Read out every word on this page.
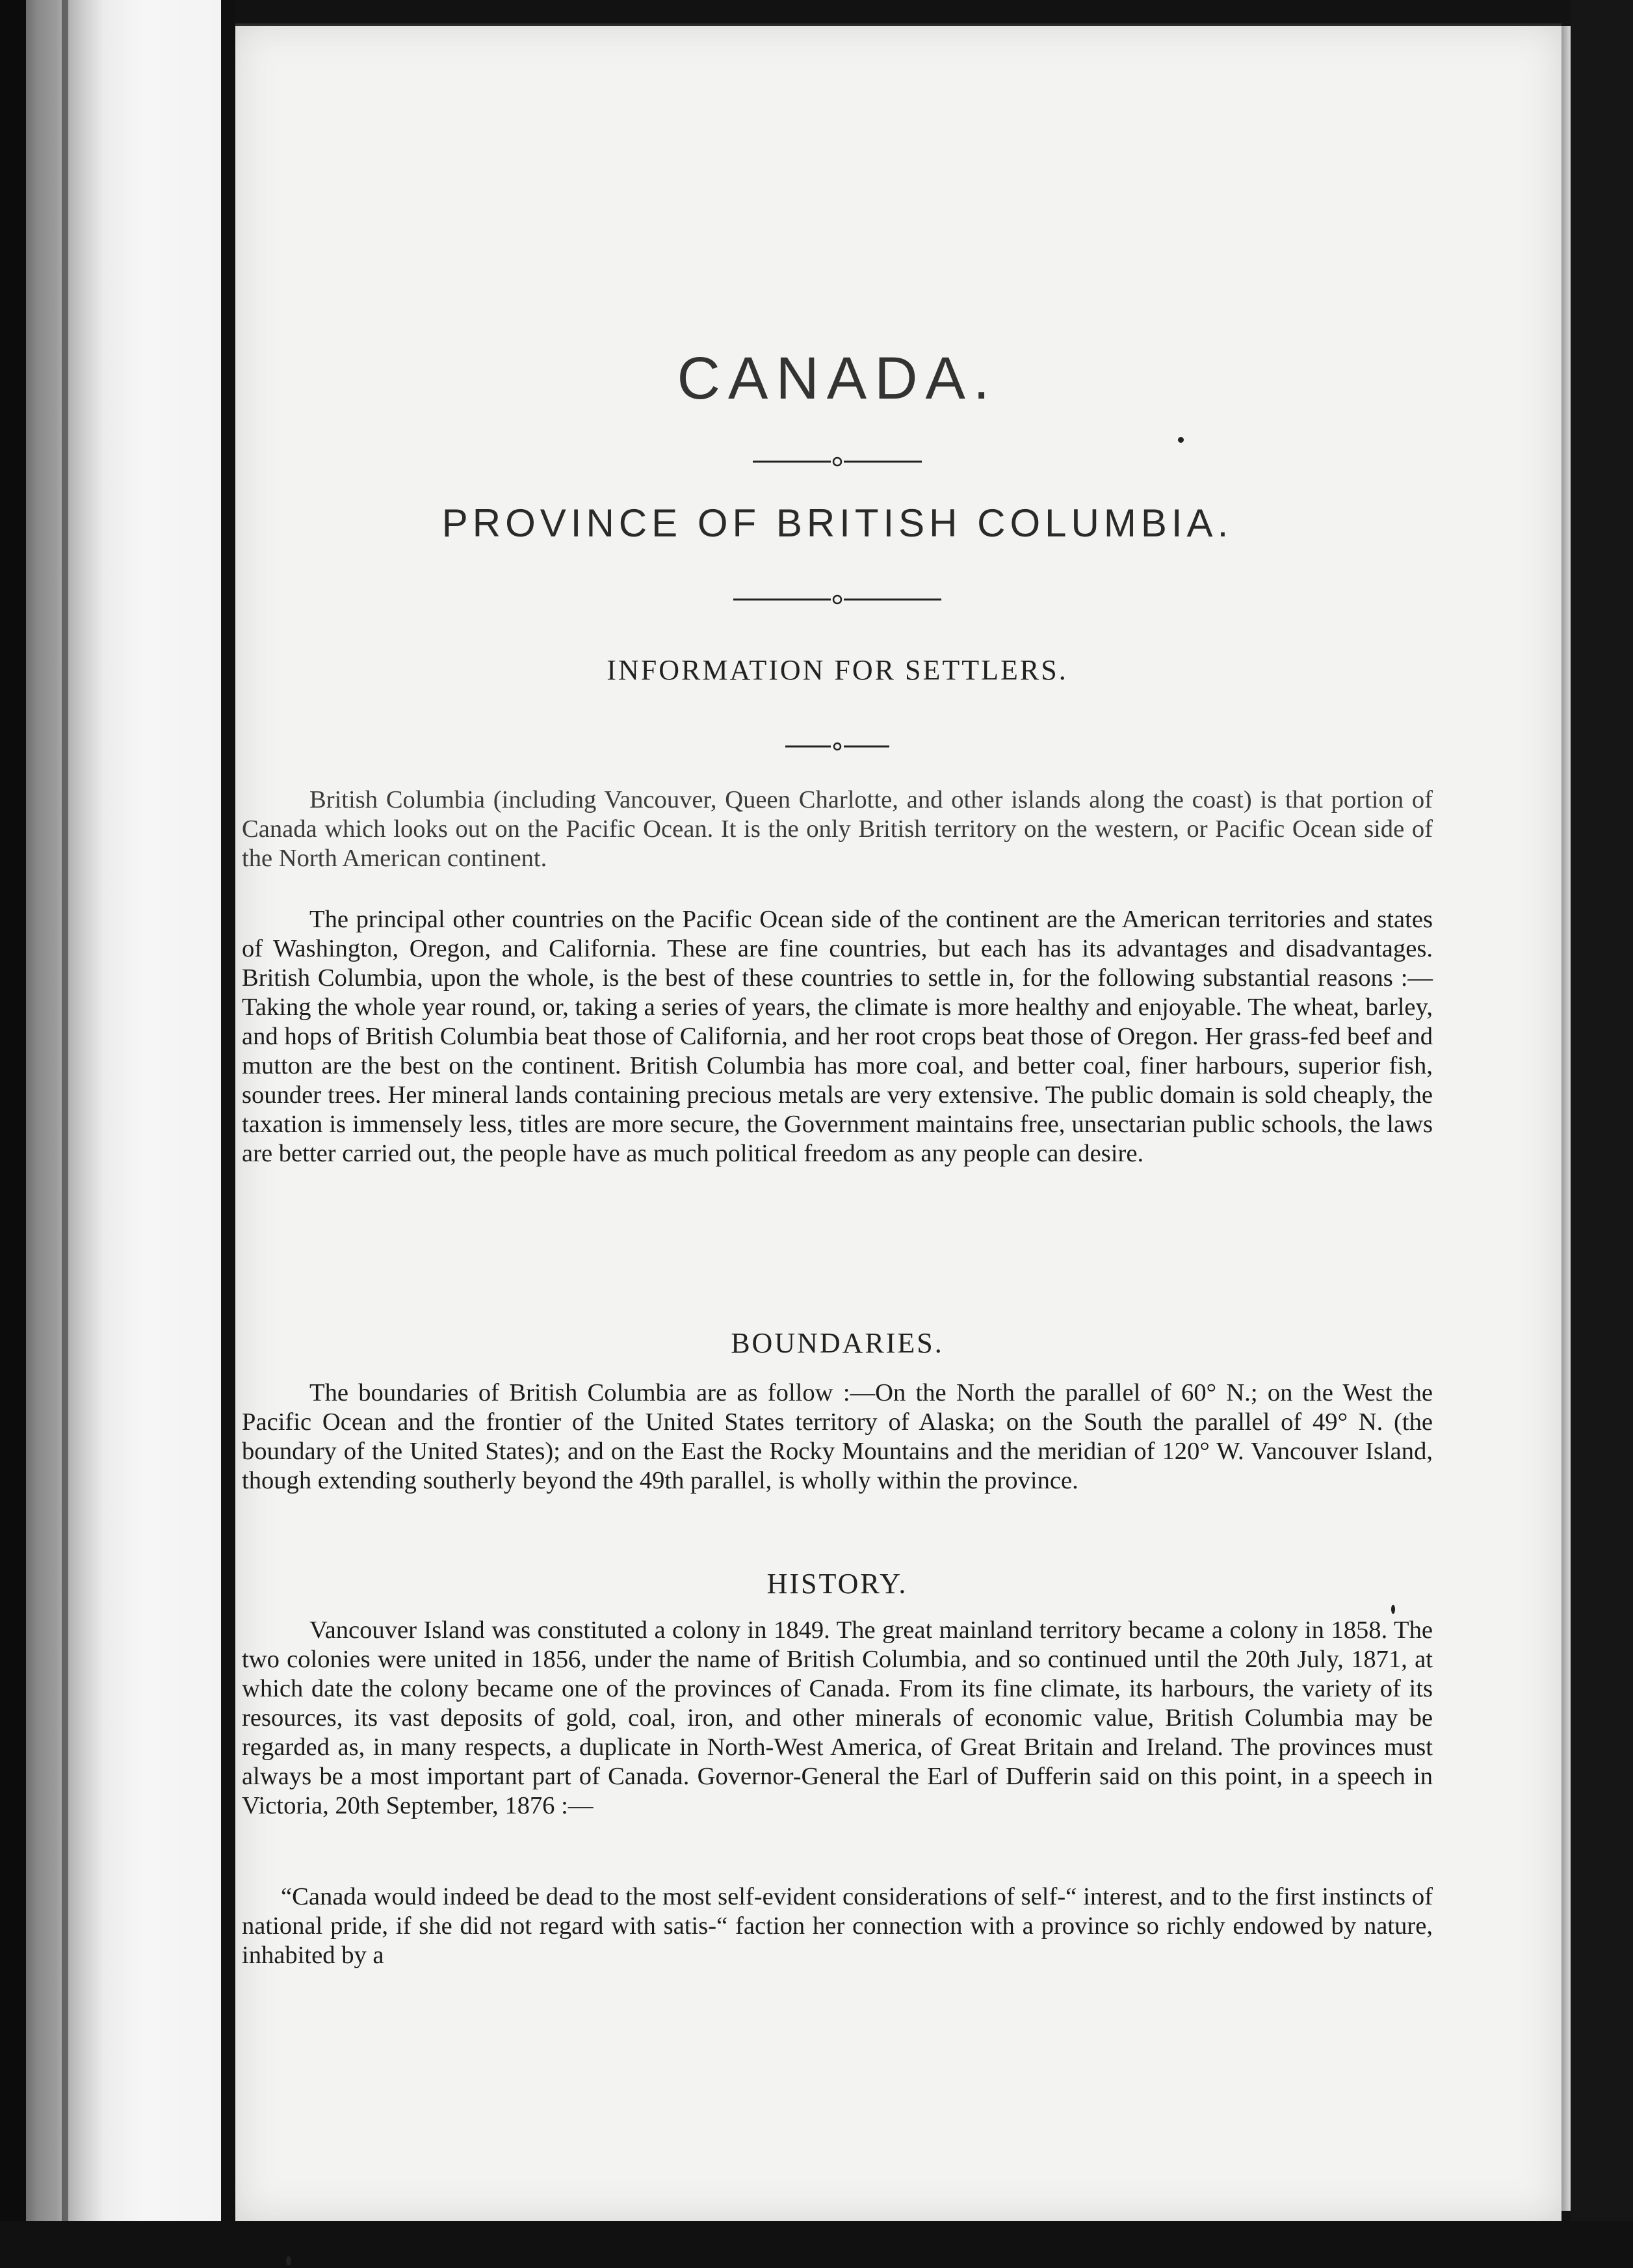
CANADA.
PROVINCE OF BRITISH COLUMBIA.
INFORMATION FOR SETTLERS.
British Columbia (including Vancouver, Queen Charlotte, and other islands along the coast) is that portion of Canada which looks out on the Pacific Ocean. It is the only British territory on the western, or Pacific Ocean side of the North American continent.
The principal other countries on the Pacific Ocean side of the continent are the American territories and states of Washington, Oregon, and California. These are fine countries, but each has its advantages and disadvantages. British Columbia, upon the whole, is the best of these countries to settle in, for the following substantial reasons :—Taking the whole year round, or, taking a series of years, the climate is more healthy and enjoyable. The wheat, barley, and hops of British Columbia beat those of California, and her root crops beat those of Oregon. Her grass-fed beef and mutton are the best on the continent. British Columbia has more coal, and better coal, finer harbours, superior fish, sounder trees. Her mineral lands containing precious metals are very extensive. The public domain is sold cheaply, the taxation is immensely less, titles are more secure, the Government maintains free, unsectarian public schools, the laws are better carried out, the people have as much political freedom as any people can desire.
BOUNDARIES.
The boundaries of British Columbia are as follow :—On the North the parallel of 60° N.; on the West the Pacific Ocean and the frontier of the United States territory of Alaska; on the South the parallel of 49° N. (the boundary of the United States); and on the East the Rocky Mountains and the meridian of 120° W. Vancouver Island, though extending southerly beyond the 49th parallel, is wholly within the province.
HISTORY.
Vancouver Island was constituted a colony in 1849. The great mainland territory became a colony in 1858. The two colonies were united in 1856, under the name of British Columbia, and so continued until the 20th July, 1871, at which date the colony became one of the provinces of Canada. From its fine climate, its harbours, the variety of its resources, its vast deposits of gold, coal, iron, and other minerals of economic value, British Columbia may be regarded as, in many respects, a duplicate in North-West America, of Great Britain and Ireland. The provinces must always be a most important part of Canada. Governor-General the Earl of Dufferin said on this point, in a speech in Victoria, 20th September, 1876 :—
“Canada would indeed be dead to the most self-evident considerations of self-“ interest, and to the first instincts of national pride, if she did not regard with satis-“ faction her connection with a province so richly endowed by nature, inhabited by a
